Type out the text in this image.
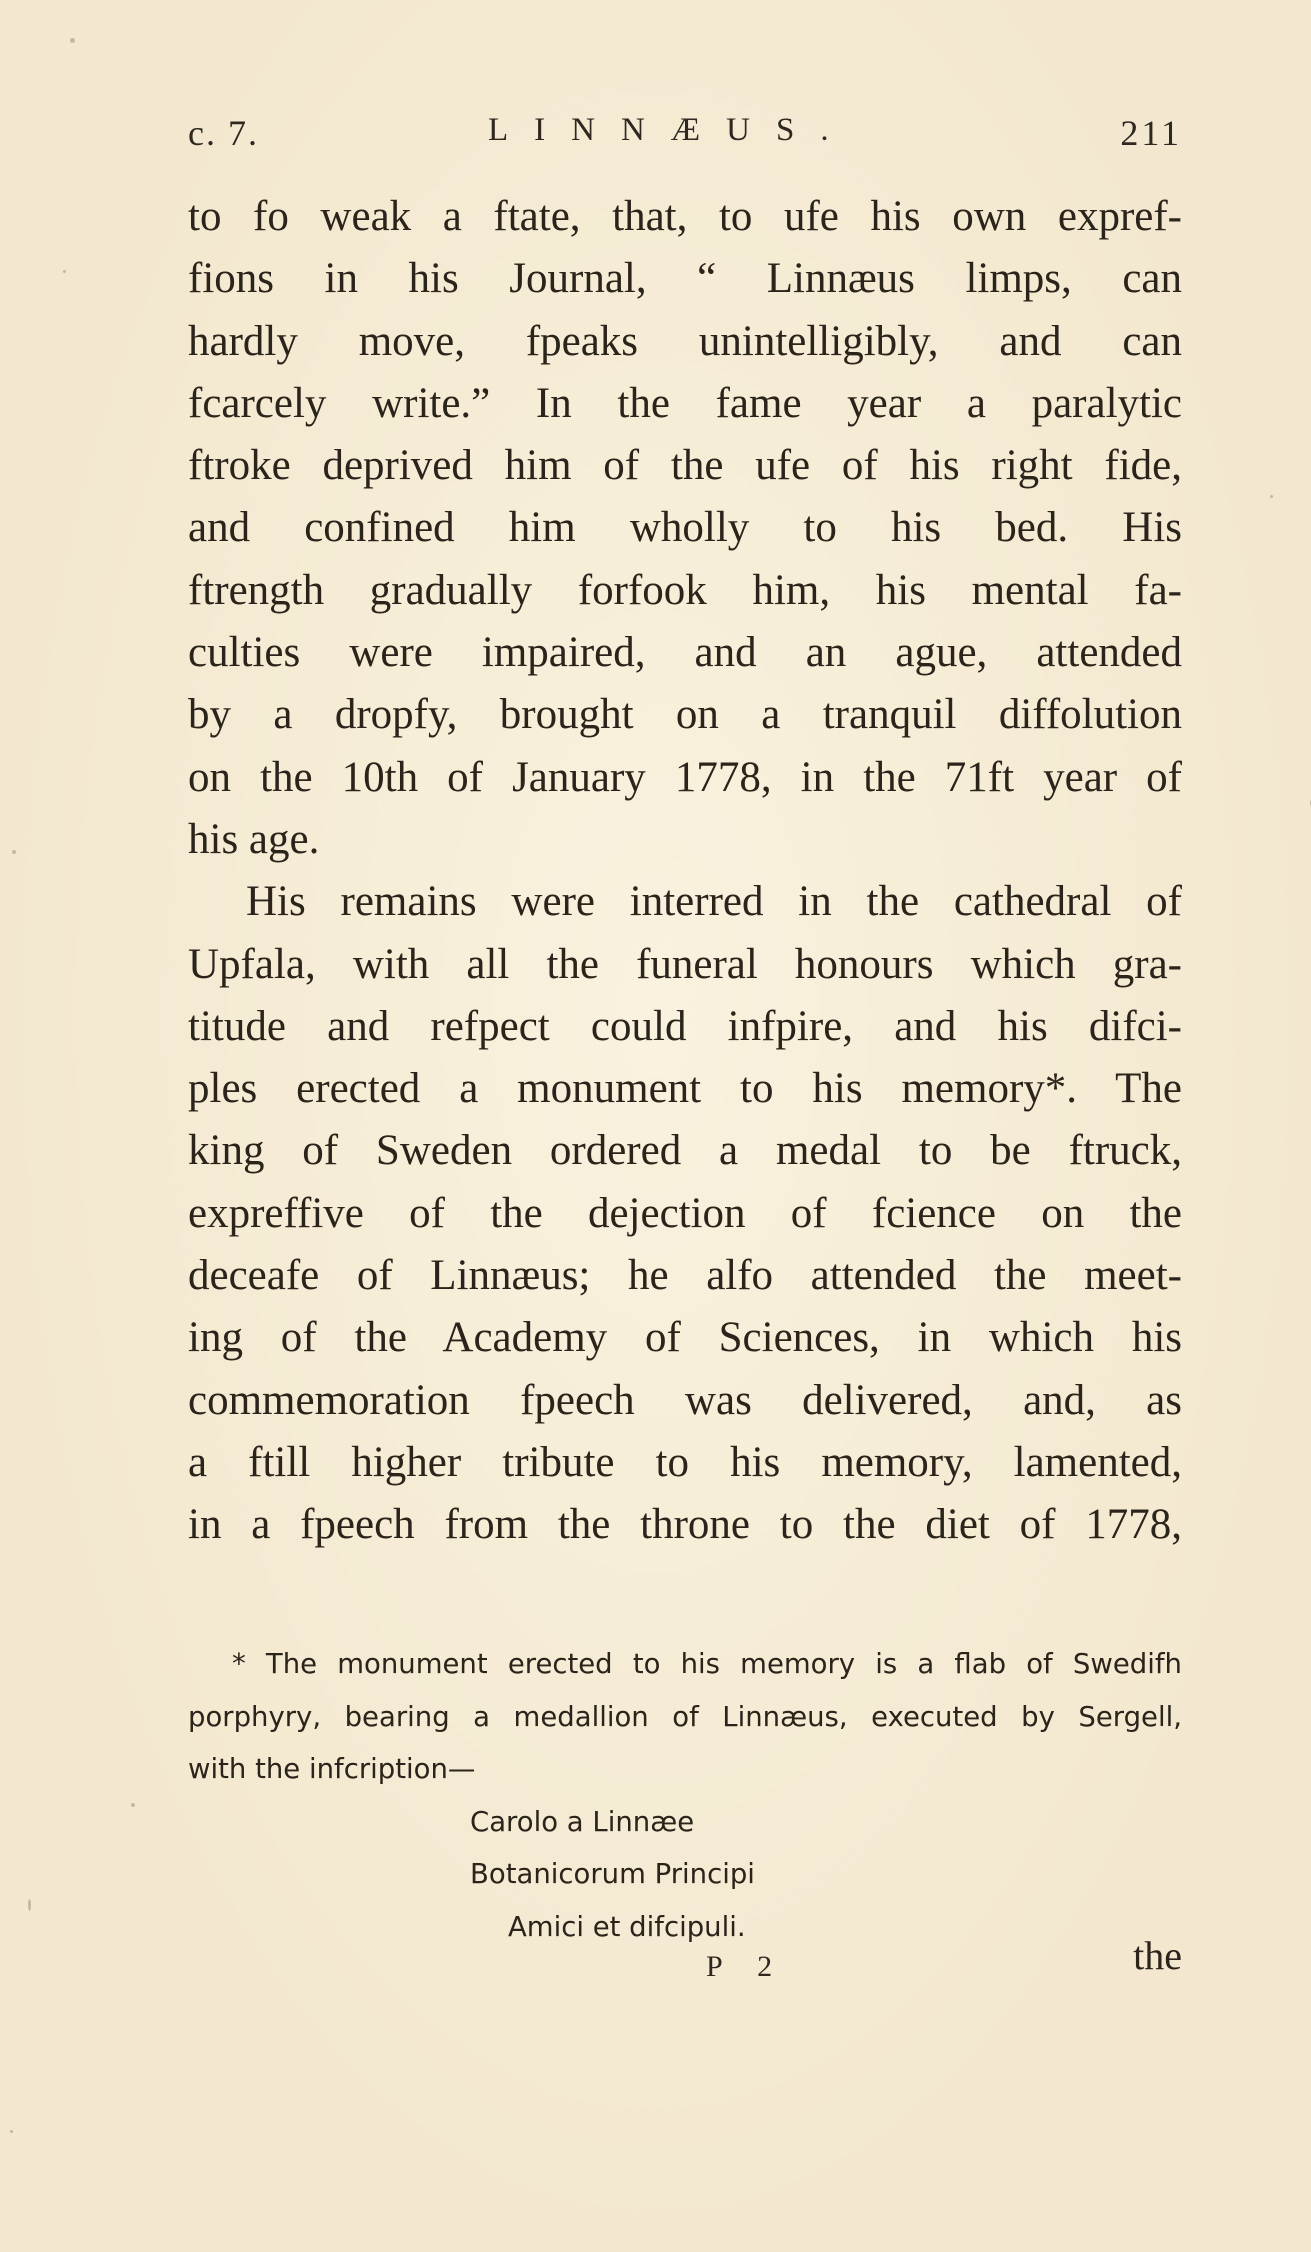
c. 7.	LINNÆUS.	211
to fo weak a ftate, that, to ufe his own expref-
fions in his Journal, “ Linnæus limps, can
hardly move, fpeaks unintelligibly, and can
fcarcely write.” In the fame year a paralytic
ftroke deprived him of the ufe of his right fide,
and confined him wholly to his bed. His
ftrength gradually forfook him, his mental fa-
culties were impaired, and an ague, attended
by a dropfy, brought on a tranquil diffolution
on the 10th of January 1778, in the 71ft year of
his age.
His remains were interred in the cathedral of
Upfala, with all the funeral honours which gra-
titude and refpect could infpire, and his difci-
ples erected a monument to his memory*. The
king of Sweden ordered a medal to be ftruck,
expreffive of the dejection of fcience on the
deceafe of Linnæus; he alfo attended the meet-
ing of the Academy of Sciences, in which his
commemoration fpeech was delivered, and, as
a ftill higher tribute to his memory, lamented,
in a fpeech from the throne to the diet of 1778,
* The monument erected to his memory is a flab of Swedifh
porphyry, bearing a medallion of Linnæus, executed by Sergell,
with the infcription—
Carolo a Linnæe
Botanicorum Principi
Amici et difcipuli.
P 2	the
